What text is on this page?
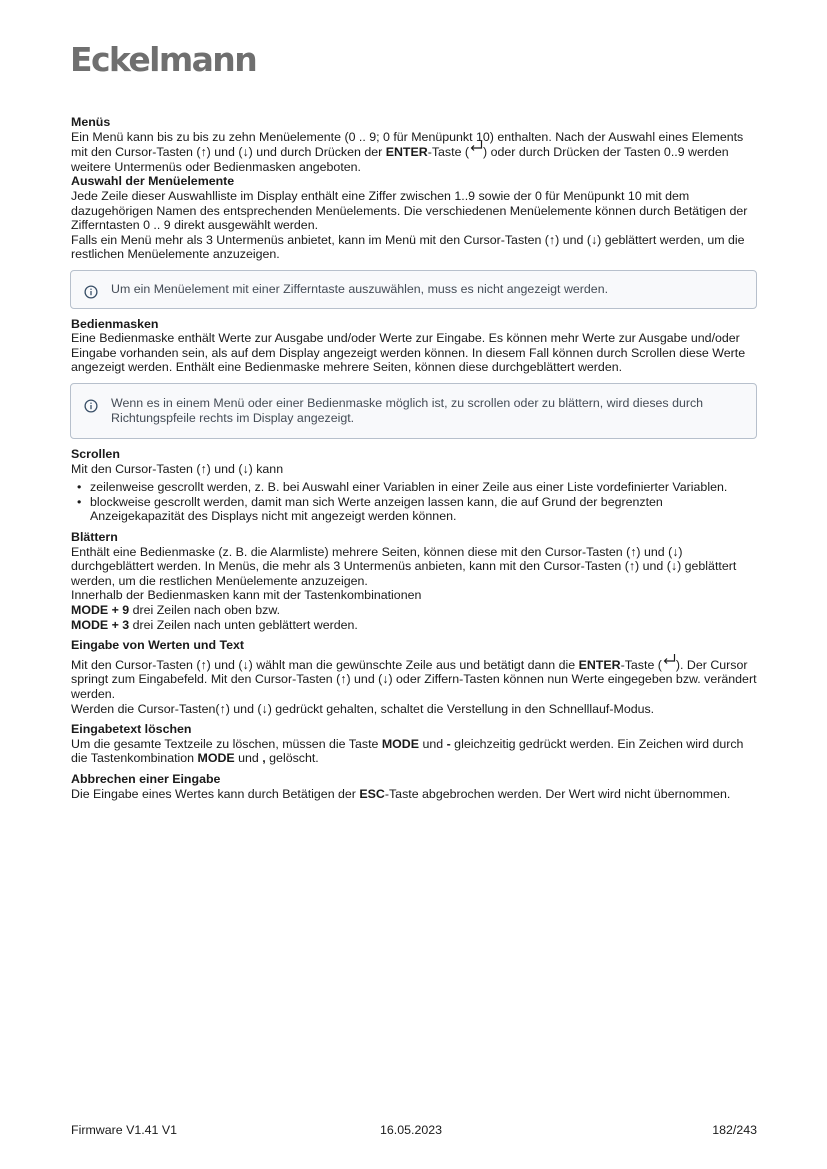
Eckelmann
Menüs

Ein Menü kann bis zu bis zu zehn Menüelemente (0 .. 9; 0 für Menüpunkt 10) enthalten. Nach der Auswahl eines Elements mit den Cursor-Tasten (↑) und (↓) und durch Drücken der ENTER-Taste ( ) oder durch Drücken der Tasten 0..9 werden weitere Untermenüs oder Bedienmasken angeboten.

Auswahl der Menüelemente

Jede Zeile dieser Auswahlliste im Display enthält eine Ziffer zwischen 1..9 sowie der 0 für Menüpunkt 10 mit dem dazugehörigen Namen des entsprechenden Menüelements. Die verschiedenen Menüelemente können durch Betätigen der Zifferntasten 0 .. 9 direkt ausgewählt werden.

Falls ein Menü mehr als 3 Untermenüs anbietet, kann im Menü mit den Cursor-Tasten (↑) und (↓) geblättert werden, um die restlichen Menüelemente anzuzeigen.

Um ein Menüelement mit einer Zifferntaste auszuwählen, muss es nicht angezeigt werden.
Bedienmasken

Eine Bedienmaske enthält Werte zur Ausgabe und/oder Werte zur Eingabe. Es können mehr Werte zur Ausgabe und/oder Eingabe vorhanden sein, als auf dem Display angezeigt werden können. In diesem Fall können durch Scrollen diese Werte angezeigt werden. Enthält eine Bedienmaske mehrere Seiten, können diese durchgeblättert werden.

Wenn es in einem Menü oder einer Bedienmaske möglich ist, zu scrollen oder zu blättern, wird dieses durch Richtungspfeile rechts im Display angezeigt.
Scrollen

Mit den Cursor-Tasten (↑) und (↓) kann

• zeilenweise gescrollt werden, z. B. bei Auswahl einer Variablen in einer Zeile aus einer Liste vordefinierter Variablen.
• blockweise gescrollt werden, damit man sich Werte anzeigen lassen kann, die auf Grund der begrenzten Anzeigekapazität des Displays nicht mit angezeigt werden können.
Blättern

Enthält eine Bedienmaske (z. B. die Alarmliste) mehrere Seiten, können diese mit den Cursor-Tasten (↑) und (↓) durchgeblättert werden. In Menüs, die mehr als 3 Untermenüs anbieten, kann mit den Cursor-Tasten (↑) und (↓) geblättert werden, um die restlichen Menüelemente anzuzeigen.

Innerhalb der Bedienmasken kann mit der Tastenkombinationen

MODE + 9 drei Zeilen nach oben bzw.

MODE + 3 drei Zeilen nach unten geblättert werden.

Eingabe von Werten und Text

Mit den Cursor-Tasten (↑) und (↓) wählt man die gewünschte Zeile aus und betätigt dann die ENTER-Taste ( ). Der Cursor springt zum Eingabefeld. Mit den Cursor-Tasten (↑) und (↓) oder Ziffern-Tasten können nun Werte eingegeben bzw. verändert werden.

Werden die Cursor-Tasten(↑) und (↓) gedrückt gehalten, schaltet die Verstellung in den Schnelllauf-Modus.

Eingabetext löschen

Um die gesamte Textzeile zu löschen, müssen die Taste MODE und - gleichzeitig gedrückt werden. Ein Zeichen wird durch die Tastenkombination MODE und , gelöscht.

Abbrechen einer Eingabe

Die Eingabe eines Wertes kann durch Betätigen der ESC-Taste abgebrochen werden. Der Wert wird nicht übernommen.

Firmware V1.41 V1	16.05.2023	182/243
